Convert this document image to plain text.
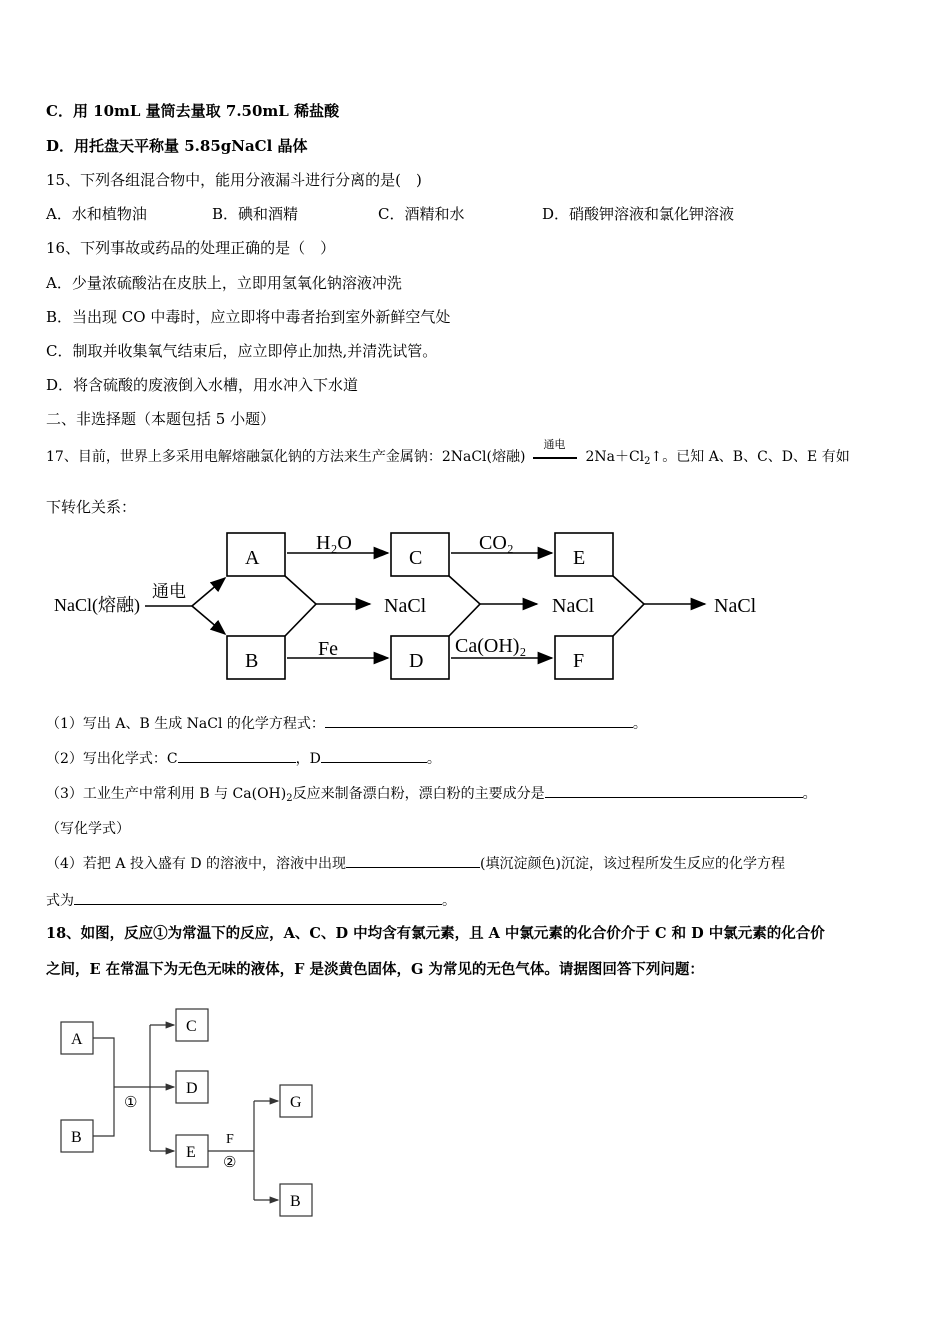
C．用 10mL 量筒去量取 7.50mL 稀盐酸
D．用托盘天平称量 5.85gNaCl 晶体
15、下列各组混合物中，能用分液漏斗进行分离的是(　)
A．水和植物油	B．碘和酒精	C．酒精和水	D．硝酸钾溶液和氯化钾溶液
16、下列事故或药品的处理正确的是（　）
A．少量浓硫酸沾在皮肤上，立即用氢氧化钠溶液冲洗
B．当出现 CO 中毒时，应立即将中毒者抬到室外新鲜空气处
C．制取并收集氧气结束后，应立即停止加热,并清洗试管。
D．将含硫酸的废液倒入水槽，用水冲入下水道
二、非选择题（本题包括 5 小题）
17、目前，世界上多采用电解熔融氯化钠的方法来生产金属钠：2NaCl(熔融)
通电
$2Na+Cl_2↑$。已知 A、B、C、D、E 有如
下转化关系：
NaCl(熔融)
通电
A
B
C
D
E
F
H₂O	CO₂
Fe	Ca(OH)₂
NaCl	NaCl	NaCl
（1）写出 A、B 生成 NaCl 的化学方程式：	。
（2）写出化学式：C	，D	。
（3）工业生产中常利用 B 与 $Ca(OH)_2$反应来制备漂白粉，漂白粉的主要成分是	。
（写化学式）
（4）若把 A 投入盛有 D 的溶液中，溶液中出现	(填沉淀颜色)沉淀，该过程所发生反应的化学方程
式为	。
18、如图，反应①为常温下的反应，A、C、D 中均含有氯元素，且 A 中氯元素的化合价介于 C 和 D 中氯元素的化合价
之间，E 在常温下为无色无味的液体，F 是淡黄色固体，G 为常见的无色气体。请据图回答下列问题：
A
B
C
D
E
G
B
①
F
②
